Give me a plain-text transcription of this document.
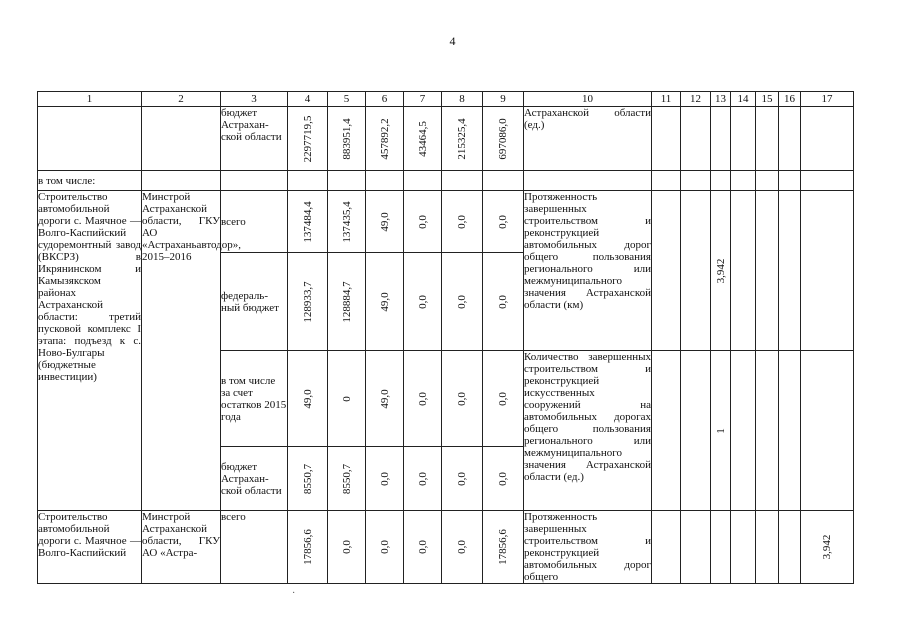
4
1	2	3	4	5	6	7	8	9	10	11	12	13	14	15	16	17
		бюджет Астрахан-ской области	2297719,5	883951,4	457892,2	43464,5	215325,4	697086,0	Астраханской области (ед.)							
в том числе:																
Строительство автомобильной дороги с. Маячное — Волго-Каспийский судоремонтный завод (ВКСРЗ) в Икрянинском и Камызякском районах Астраханской области: третий пусковой комплекс I этапа: подъезд к с. Ново-Булгары (бюджетные инвестиции)	Минстрой Астраханской области, ГКУ АО «Астраханьавтодор», 2015–2016	всего	137484,4	137435,4	49,0	0,0	0,0	0,0	Протяженность завершенных строительством и реконструкцией автомобильных дорог общего пользования регионального или межмуниципального значения Астраханской области (км)			3,942				

		федераль-ный бюджет	128933,7	128884,7	49,0	0,0	0,0	0,0								

		в том числе за счет остатков 2015 года	49,0	0	49,0	0,0	0,0	0,0	Количество завершенных строительством и реконструкцией искусственных сооружений на автомобильных дорогах общего пользования регионального или межмуниципального значения Астраханской области (ед.)			1				

		бюджет Астрахан-ской области	8550,7	8550,7	0,0	0,0	0,0	0,0								

Строительство автомобильной дороги с. Маячное — Волго-Каспийский	Минстрой Астраханской области, ГКУ АО «Астра-	всего	17856,6	0,0	0,0	0,0	0,0	17856,6	Протяженность завершенных строительством и реконструкцией автомобильных дорог общего							3,942
·
